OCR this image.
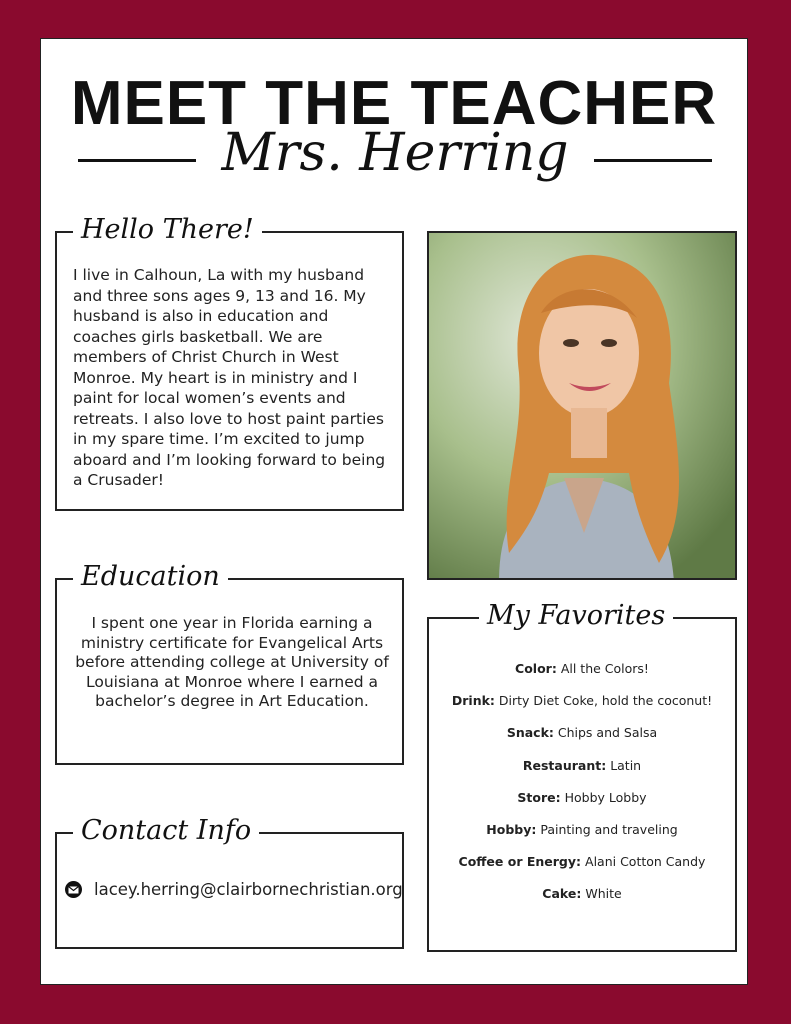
MEET THE TEACHER
Mrs. Herring
Hello There!
I live in Calhoun, La with my husband and three sons ages 9, 13 and 16. My husband is also in education and coaches girls basketball. We are members of Christ Church in West Monroe. My heart is in ministry and I paint for local women’s events and retreats. I also love to host paint parties in my spare time. I’m excited to jump aboard and I’m looking forward to being a Crusader!
Education
I spent one year in Florida earning a ministry certificate for Evangelical Arts before attending college at University of Louisiana at Monroe where I earned a bachelor’s degree in Art Education.
Contact Info
lacey.herring@clairbornechristian.org
My Favorites
Color: All the Colors!
Drink: Dirty Diet Coke, hold the coconut!
Snack: Chips and Salsa
Restaurant: Latin
Store: Hobby Lobby
Hobby: Painting and traveling
Coffee or Energy: Alani Cotton Candy
Cake: White
